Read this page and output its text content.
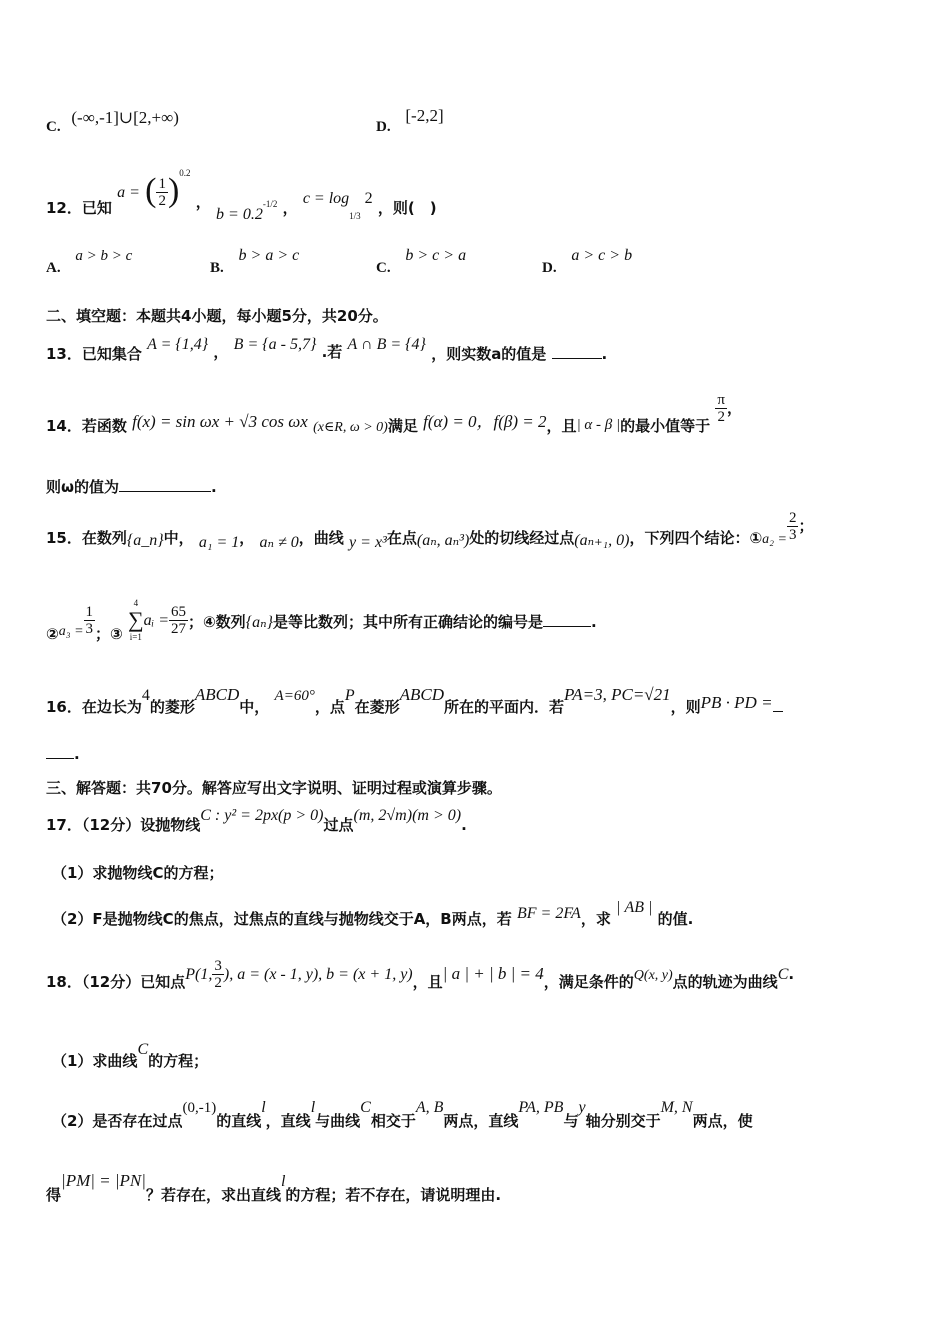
C. (-∞,-1]∪[2,+∞)	D. [-2,2]
12．已知 a = ( $\frac{1}{2} )^{0.2}$ ， $b = 0.2_{-1/2}$ ， $c = \log_{1/3} 2$ ，则(　)
A. a > b > c
B. b > a > c
C. b > c > a
D. a > c > b
二、填空题：本题共4小题，每小题5分，共20分。
13．已知集合 A = {1,4} ， B = {a - 5,7} .若 A ∩ B = {4} ，则实数a的值是	.
14．若函数 f(x) = sin ωx + √3 cos ωx (x∈R, ω > 0)满足 f(α) = 0，f(β) = 2，且| α - β |的最小值等于
$\frac{\pi}{2}$ ，
则ω的值为	.
15．在数列{a_n}中， a₁ = 1， aₙ ≠ 0，曲线 y = x³在点(aₙ, aₙ³)处的切线经过点(aₙ₊₁, 0)，下列四个结论：①a₂ = $\frac{2}{3}$ ；
②a₃ = $\frac{1}{3}$ ；③
4
∑
i=1
aᵢ = $\frac{65}{27}$ ；④数列{aₙ}是等比数列；其中所有正确结论的编号是	.
16．在边长为4的菱形ABCD中， A=60°，点P在菱形ABCD所在的平面内．若PA=3, PC=√21，则PB · PD =
.
三、解答题：共70分。解答应写出文字说明、证明过程或演算步骤。
17．（12分）设抛物线C : y² = 2px(p > 0)过点(m, 2√m)(m > 0).
（1）求抛物线C的方程；
（2）F是抛物线C的焦点，过焦点的直线与抛物线交于A，B两点，若 BF = 2FA，求 | AB | 的值.
18．（12分）已知点P(1, $\frac{3}{2}$ ), a = (x - 1, y), b = (x + 1, y)，且| a | + | b | = 4，满足条件的Q(x, y)点的轨迹为曲线C.
（1）求曲线C的方程；
（2）是否存在过点(0,-1)的直线l，直线l与曲线C相交于A, B两点，直线PA, PB与y轴分别交于M, N两点，使
得|PM| = |PN|？若存在，求出直线l的方程；若不存在，请说明理由.
